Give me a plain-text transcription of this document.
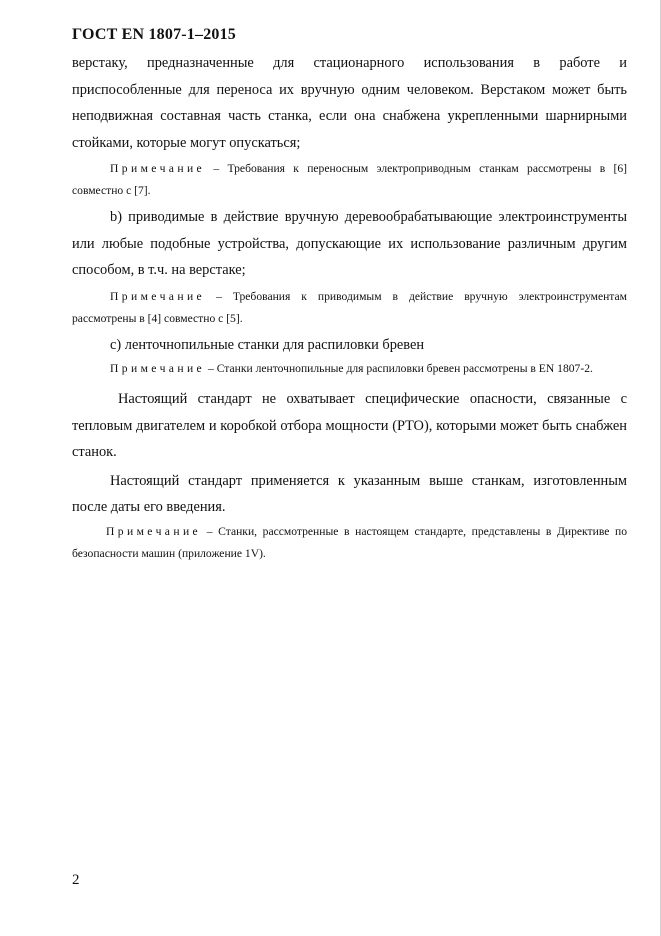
ГОСТ EN 1807-1–2015

верстаку, предназначенные для стационарного использования в работе и приспособленные для переноса их вручную одним человеком. Верстаком может быть неподвижная составная часть станка, если она снабжена укрепленными шарнирными стойками, которые могут опускаться;

Примечание – Требования к переносным электроприводным станкам рассмотрены в [6] совместно с [7].

b) приводимые в действие вручную деревообрабатывающие электроинструменты или любые подобные устройства, допускающие их использование различным другим способом, в т.ч. на верстаке;

Примечание – Требования к приводимым в действие вручную электроинструментам рассмотрены в [4] совместно с [5].

c) ленточнопильные станки для распиловки бревен

Примечание – Станки ленточнопильные для распиловки бревен рассмотрены в EN 1807-2.

Настоящий стандарт не охватывает специфические опасности, связанные с тепловым двигателем и коробкой отбора мощности (PTO), которыми может быть снабжен станок.

Настоящий стандарт применяется к указанным выше станкам, изготовленным после даты его введения.

Примечание – Станки, рассмотренные в настоящем стандарте, представлены в Директиве по безопасности машин (приложение 1V).

2
